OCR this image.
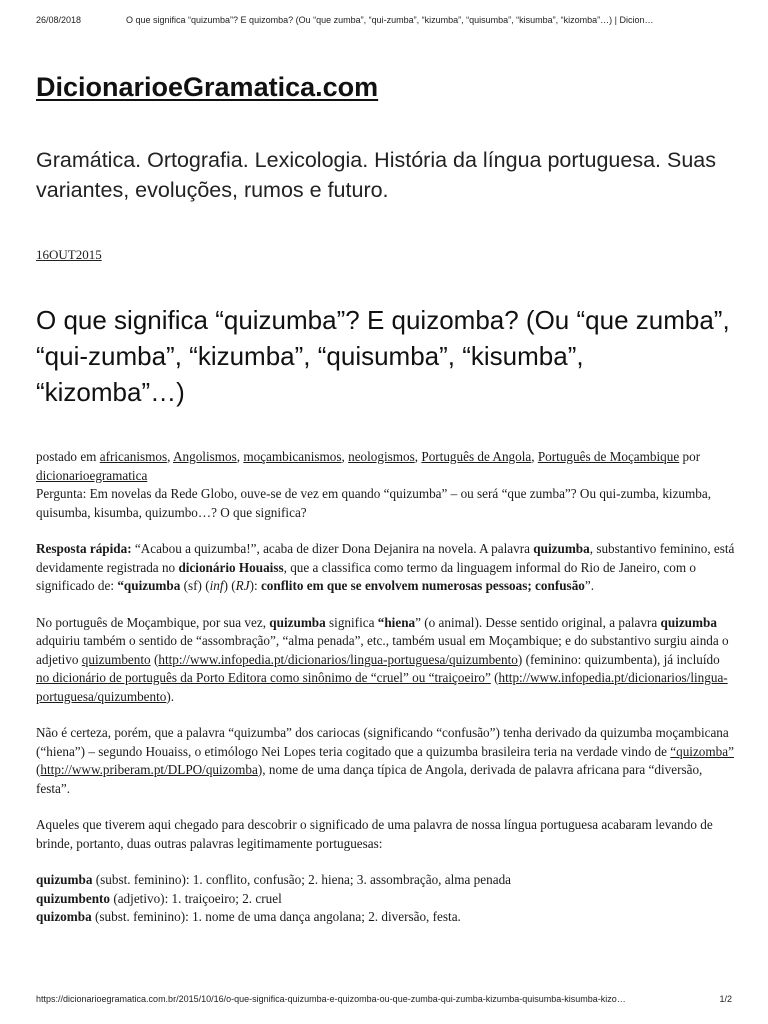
26/08/2018	O que significa “quizumba”? E quizomba? (Ou “que zumba”, “qui-zumba”, “kizumba”, “quisumba”, “kisumba”, “kizomba”…) | Dicion…
DicionarioeGramatica.com

Gramática. Ortografia. Lexicologia. História da língua portuguesa. Suas variantes, evoluções, rumos e futuro.

16OUT2015
O que significa “quizumba”? E quizomba? (Ou “que zumba”, “qui-zumba”, “kizumba”, “quisumba”, “kisumba”, “kizomba”…)

postado em africanismos, Angolismos, moçambicanismos, neologismos, Português de Angola, Português de Moçambique por dicionarioegramatica

Pergunta: Em novelas da Rede Globo, ouve-se de vez em quando “quizumba” – ou será “que zumba”? Ou qui-zumba, kizumba, quisumba, kisumba, quizumbo…? O que significa?

Resposta rápida: “Acabou a quizumba!”, acaba de dizer Dona Dejanira na novela. A palavra quizumba, substantivo feminino, está devidamente registrada no dicionário Houaiss, que a classifica como termo da linguagem informal do Rio de Janeiro, com o significado de: “quizumba (sf) (inf) (RJ): conflito em que se envolvem numerosas pessoas; confusão”.

No português de Moçambique, por sua vez, quizumba significa “hiena” (o animal). Desse sentido original, a palavra quizumba adquiriu também o sentido de “assombração”, “alma penada”, etc., também usual em Moçambique; e do substantivo surgiu ainda o adjetivo quizumbento (http://www.infopedia.pt/dicionarios/lingua-portuguesa/quizumbento) (feminino: quizumbenta), já incluído no dicionário de português da Porto Editora como sinônimo de “cruel” ou “traiçoeiro” (http://www.infopedia.pt/dicionarios/lingua-portuguesa/quizumbento).

Não é certeza, porém, que a palavra “quizumba” dos cariocas (significando “confusão”) tenha derivado da quizumba moçambicana (“hiena”) – segundo Houaiss, o etimólogo Nei Lopes teria cogitado que a quizumba brasileira teria na verdade vindo de “quizomba” (http://www.priberam.pt/DLPO/quizomba), nome de uma dança típica de Angola, derivada de palavra africana para “diversão, festa”.

Aqueles que tiverem aqui chegado para descobrir o significado de uma palavra de nossa língua portuguesa acabaram levando de brinde, portanto, duas outras palavras legitimamente portuguesas:

quizumba (subst. feminino): 1. conflito, confusão; 2. hiena; 3. assombração, alma penada
quizumbento (adjetivo): 1. traiçoeiro; 2. cruel
quizomba (subst. feminino): 1. nome de uma dança angolana; 2. diversão, festa.

https://dicionarioegramatica.com.br/2015/10/16/o-que-significa-quizumba-e-quizomba-ou-que-zumba-qui-zumba-kizumba-quisumba-kisumba-kizo…	1/2
